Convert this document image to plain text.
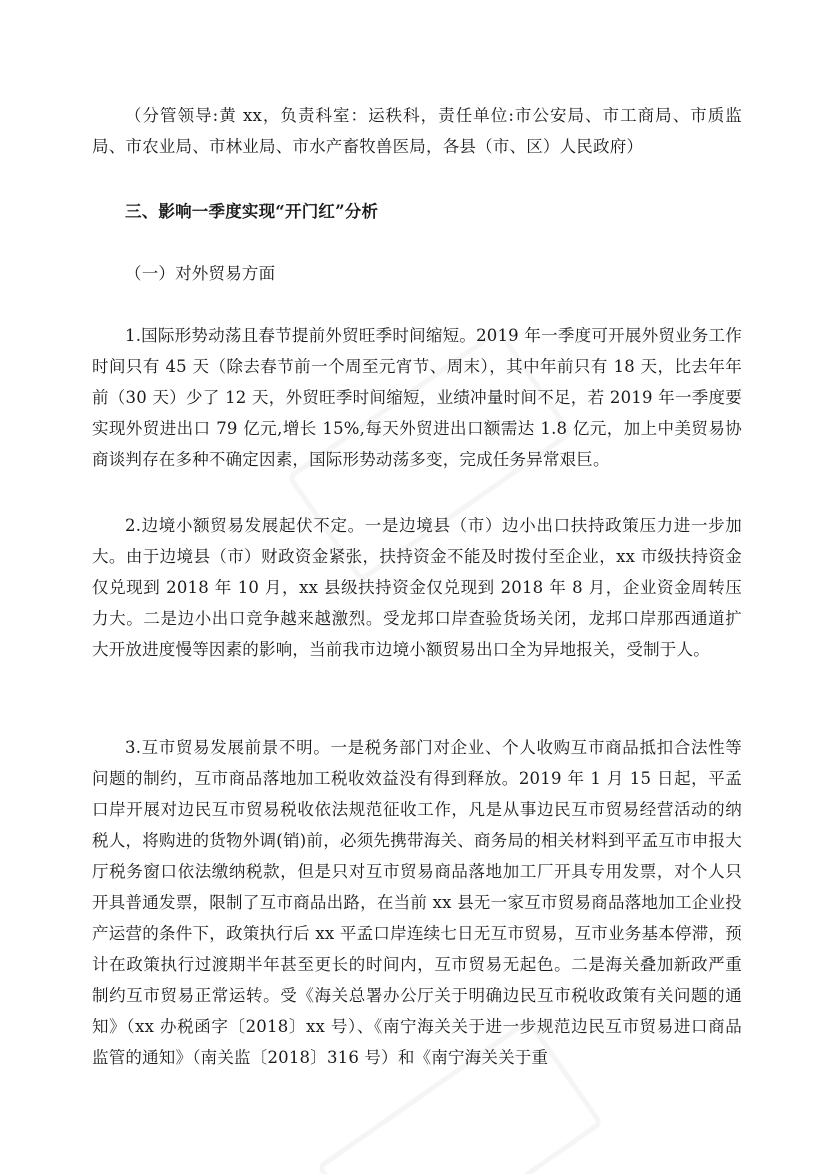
（分管领导:黄 xx，负责科室：运秩科，责任单位:市公安局、市工商局、市质监局、市农业局、市林业局、市水产畜牧兽医局，各县（市、区）人民政府）

三、影响一季度实现“开门红”分析

（一）对外贸易方面

1.国际形势动荡且春节提前外贸旺季时间缩短。2019 年一季度可开展外贸业务工作时间只有 45 天（除去春节前一个周至元宵节、周末），其中年前只有 18 天，比去年年前（30 天）少了 12 天，外贸旺季时间缩短，业绩冲量时间不足，若 2019 年一季度要实现外贸进出口 79 亿元,增长 15%,每天外贸进出口额需达 1.8 亿元，加上中美贸易协商谈判存在多种不确定因素，国际形势动荡多变，完成任务异常艰巨。

2.边境小额贸易发展起伏不定。一是边境县（市）边小出口扶持政策压力进一步加大。由于边境县（市）财政资金紧张，扶持资金不能及时拨付至企业，xx 市级扶持资金仅兑现到 2018 年 10 月，xx 县级扶持资金仅兑现到 2018 年 8 月，企业资金周转压力大。二是边小出口竞争越来越激烈。受龙邦口岸查验货场关闭，龙邦口岸那西通道扩大开放进度慢等因素的影响，当前我市边境小额贸易出口全为异地报关，受制于人。

3.互市贸易发展前景不明。一是税务部门对企业、个人收购互市商品抵扣合法性等问题的制约，互市商品落地加工税收效益没有得到释放。2019 年 1 月 15 日起，平孟口岸开展对边民互市贸易税收依法规范征收工作，凡是从事边民互市贸易经营活动的纳税人，将购进的货物外调(销)前，必须先携带海关、商务局的相关材料到平孟互市申报大厅税务窗口依法缴纳税款，但是只对互市贸易商品落地加工厂开具专用发票，对个人只开具普通发票，限制了互市商品出路，在当前 xx 县无一家互市贸易商品落地加工企业投产运营的条件下，政策执行后 xx 平孟口岸连续七日无互市贸易，互市业务基本停滞，预计在政策执行过渡期半年甚至更长的时间内，互市贸易无起色。二是海关叠加新政严重制约互市贸易正常运转。受《海关总署办公厅关于明确边民互市税收政策有关问题的通知》（xx 办税函字〔2018〕xx 号）、《南宁海关关于进一步规范边民互市贸易进口商品监管的通知》（南关监〔2018〕316 号）和《南宁海关关于重
